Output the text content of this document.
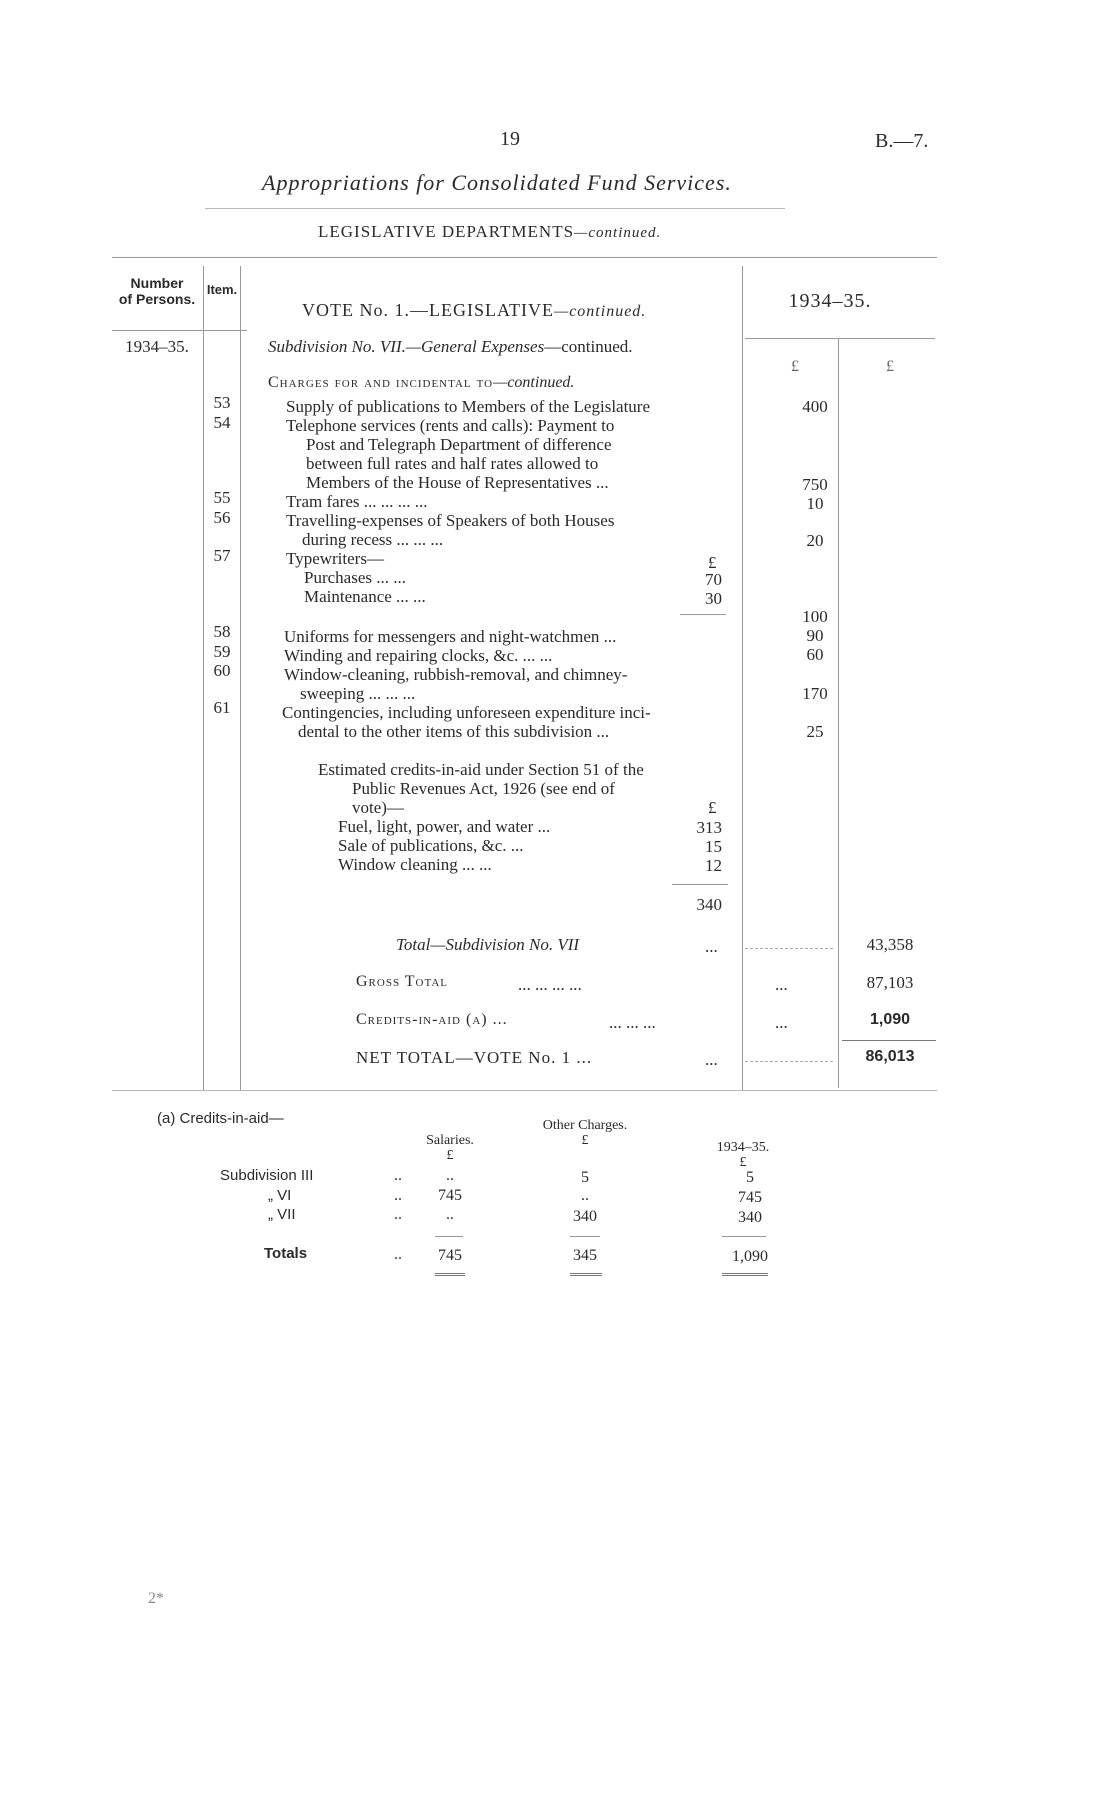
19	B.—7.
Appropriations for Consolidated Fund Services.
LEGISLATIVE DEPARTMENTS—continued.
Number
of Persons.
Item.
VOTE No. 1.—LEGISLATIVE—continued.	1934–35.
1934–35.
£	£
Subdivision No. VII.—General Expenses—continued.
Charges for and incidental to—continued.
53	Supply of publications to Members of the Legislature	400
54	Telephone services (rents and calls): Payment to
Post and Telegraph Department of difference
between full rates and half rates allowed to
Members of the House of Representatives ...	750
55	Tram fares ... ... ... ...	10
56	Travelling-expenses of Speakers of both Houses
during recess ... ... ...	20
57	Typewriters—	£
Purchases ... ...	70
Maintenance ... ...	30
100
58	Uniforms for messengers and night-watchmen ...	90
59	Winding and repairing clocks, &c. ... ...	60
60	Window-cleaning, rubbish-removal, and chimney-
sweeping ... ... ...	170
61	Contingencies, including unforeseen expenditure inci-
dental to the other items of this subdivision ...	25
Estimated credits-in-aid under Section 51 of the
Public Revenues Act, 1926 (see end of
vote)—	£
Fuel, light, power, and water ...	313
Sale of publications, &c. ...	15
Window cleaning ... ...	12
340
Total—Subdivision No. VII	...	43,358
Gross Total	... ... ... ...	...	87,103
Credits-in-aid (a) ...	... ... ...	...	1,090
NET TOTAL—VOTE No. 1 ...	...	86,013
(a) Credits-in-aid—
Salaries.
£
Other Charges.
£	1934–35.
£
Subdivision III	..	..	5	5
„ VI	..	745	..	745
„ VII	..	..	340	340
Totals	..	745	345	1,090
2*
